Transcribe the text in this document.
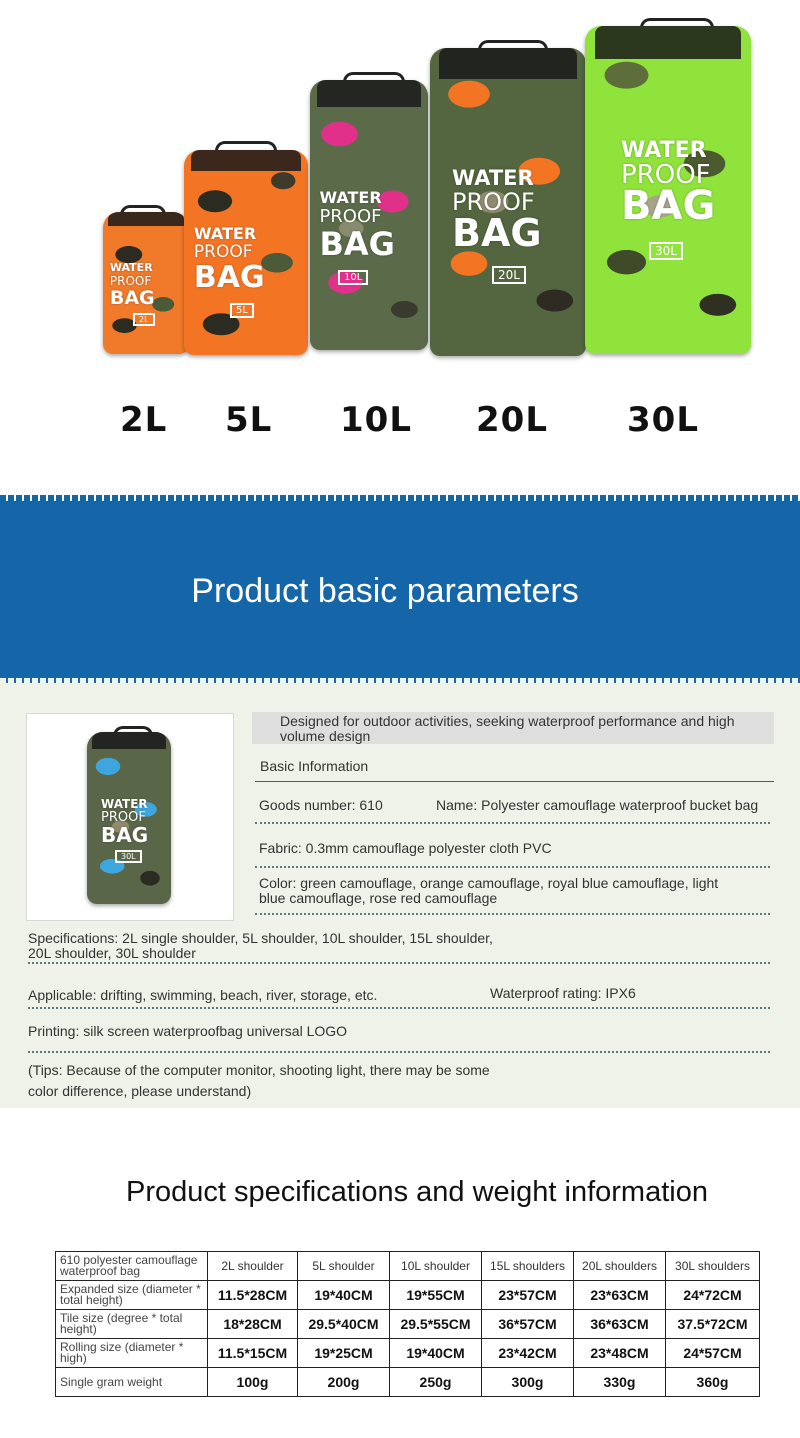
WATER
PROOF
BAG
2L
WATER
PROOF
BAG
5L
WATER
PROOF
BAG
10L
WATER
PROOF
BAG
20L
WATER
PROOF
BAG
30L
2L 5L 10L 20L 30L
Product basic parameters
WATER
PROOF
BAG
30L
Designed for outdoor activities, seeking waterproof performance and high volume design
Basic Information
Goods number: 610	Name: Polyester camouflage waterproof bucket bag
Fabric: 0.3mm camouflage polyester cloth PVC
Color: green camouflage, orange camouflage, royal blue camouflage, light
blue camouflage, rose red camouflage
Specifications: 2L single shoulder, 5L shoulder, 10L shoulder, 15L shoulder,
20L shoulder, 30L shoulder
Applicable: drifting, swimming, beach, river, storage, etc.	Waterproof rating: IPX6
Printing: silk screen waterproofbag universal LOGO
(Tips: Because of the computer monitor, shooting light, there may be some
color difference, please understand)
Product specifications and weight information
610 polyester camouflage waterproof bag	2L shoulder	5L shoulder	10L shoulder	15L shoulders	20L shoulders	30L shoulders
Expanded size (diameter * total height)	11.5*28CM	19*40CM	19*55CM	23*57CM	23*63CM	24*72CM
Tile size (degree * total height)	18*28CM	29.5*40CM	29.5*55CM	36*57CM	36*63CM	37.5*72CM
Rolling size (diameter * high)	11.5*15CM	19*25CM	19*40CM	23*42CM	23*48CM	24*57CM
Single gram weight	100g	200g	250g	300g	330g	360g
